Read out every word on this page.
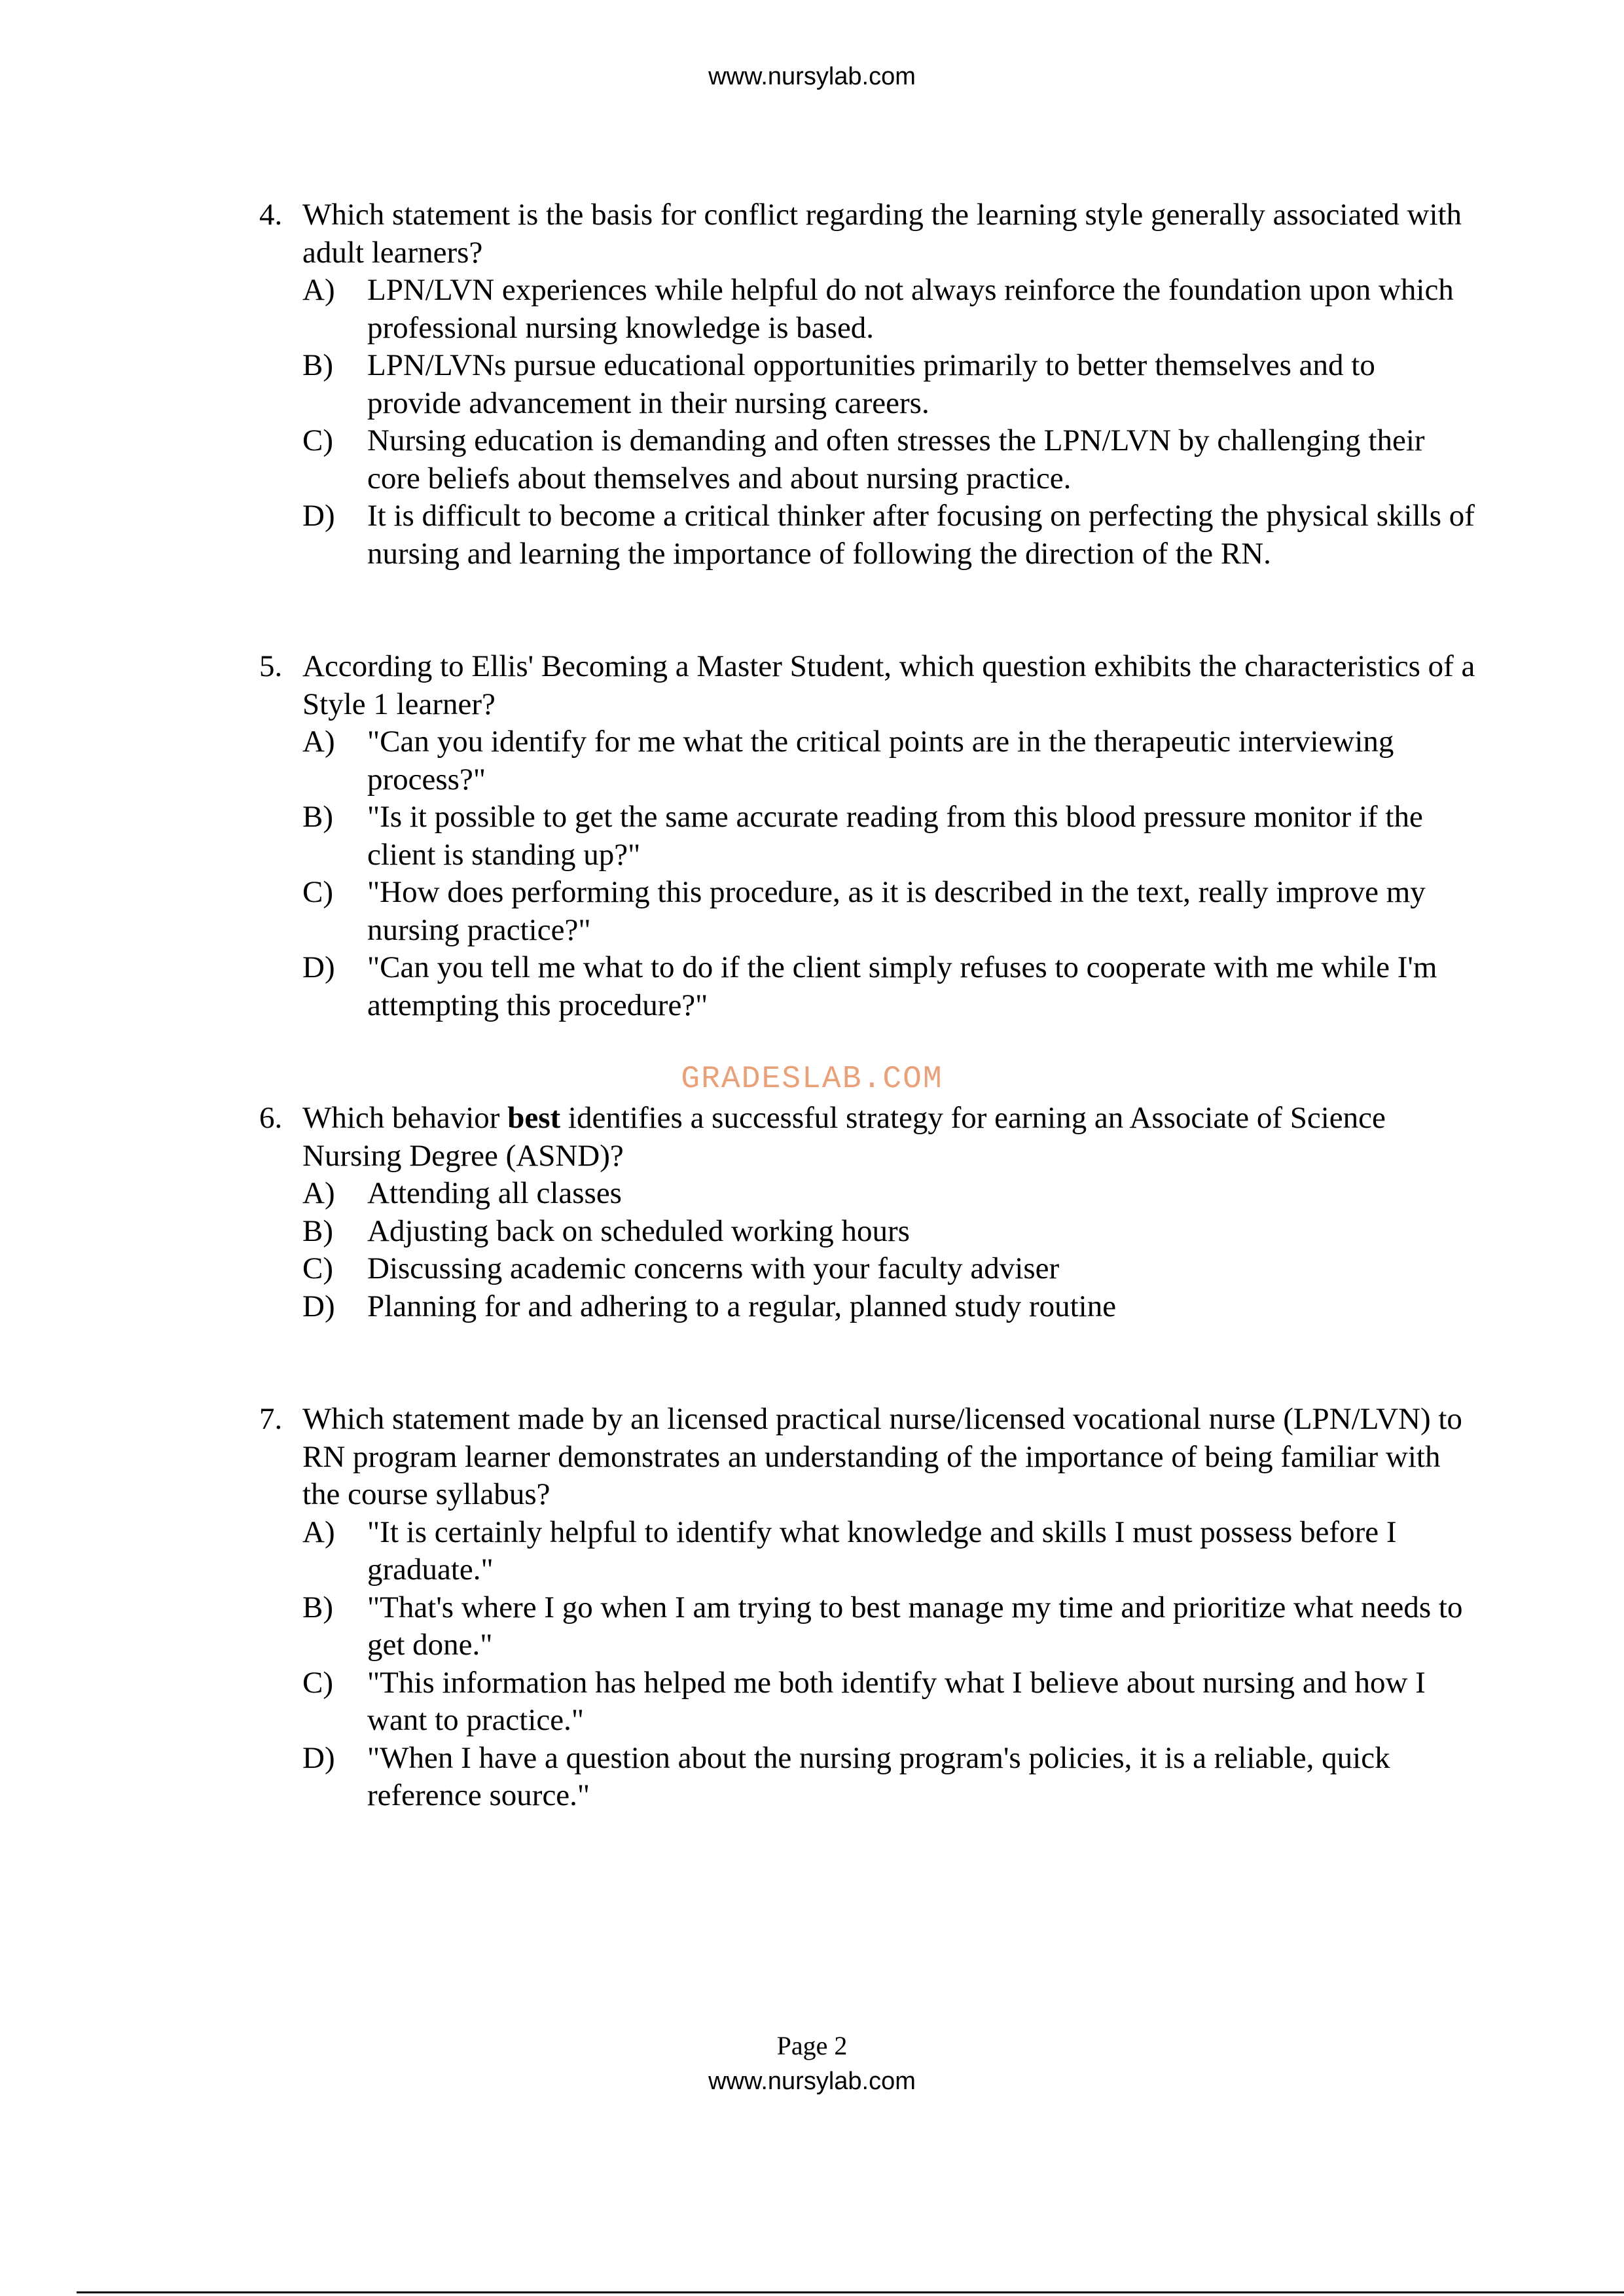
www.nursylab.com
4. Which statement is the basis for conflict regarding the learning style generally associated with adult learners?
A) LPN/LVN experiences while helpful do not always reinforce the foundation upon which professional nursing knowledge is based.
B) LPN/LVNs pursue educational opportunities primarily to better themselves and to provide advancement in their nursing careers.
C) Nursing education is demanding and often stresses the LPN/LVN by challenging their core beliefs about themselves and about nursing practice.
D) It is difficult to become a critical thinker after focusing on perfecting the physical skills of nursing and learning the importance of following the direction of the RN.
5. According to Ellis' Becoming a Master Student, which question exhibits the characteristics of a Style 1 learner?
A) "Can you identify for me what the critical points are in the therapeutic interviewing process?"
B) "Is it possible to get the same accurate reading from this blood pressure monitor if the client is standing up?"
C) "How does performing this procedure, as it is described in the text, really improve my nursing practice?"
D) "Can you tell me what to do if the client simply refuses to cooperate with me while I'm attempting this procedure?"
GRADESLAB.COM
6. Which behavior best identifies a successful strategy for earning an Associate of Science Nursing Degree (ASND)?
A) Attending all classes
B) Adjusting back on scheduled working hours
C) Discussing academic concerns with your faculty adviser
D) Planning for and adhering to a regular, planned study routine
7. Which statement made by an licensed practical nurse/licensed vocational nurse (LPN/LVN) to RN program learner demonstrates an understanding of the importance of being familiar with the course syllabus?
A) "It is certainly helpful to identify what knowledge and skills I must possess before I graduate."
B) "That's where I go when I am trying to best manage my time and prioritize what needs to get done."
C) "This information has helped me both identify what I believe about nursing and how I want to practice."
D) "When I have a question about the nursing program's policies, it is a reliable, quick reference source."
Page 2
www.nursylab.com
